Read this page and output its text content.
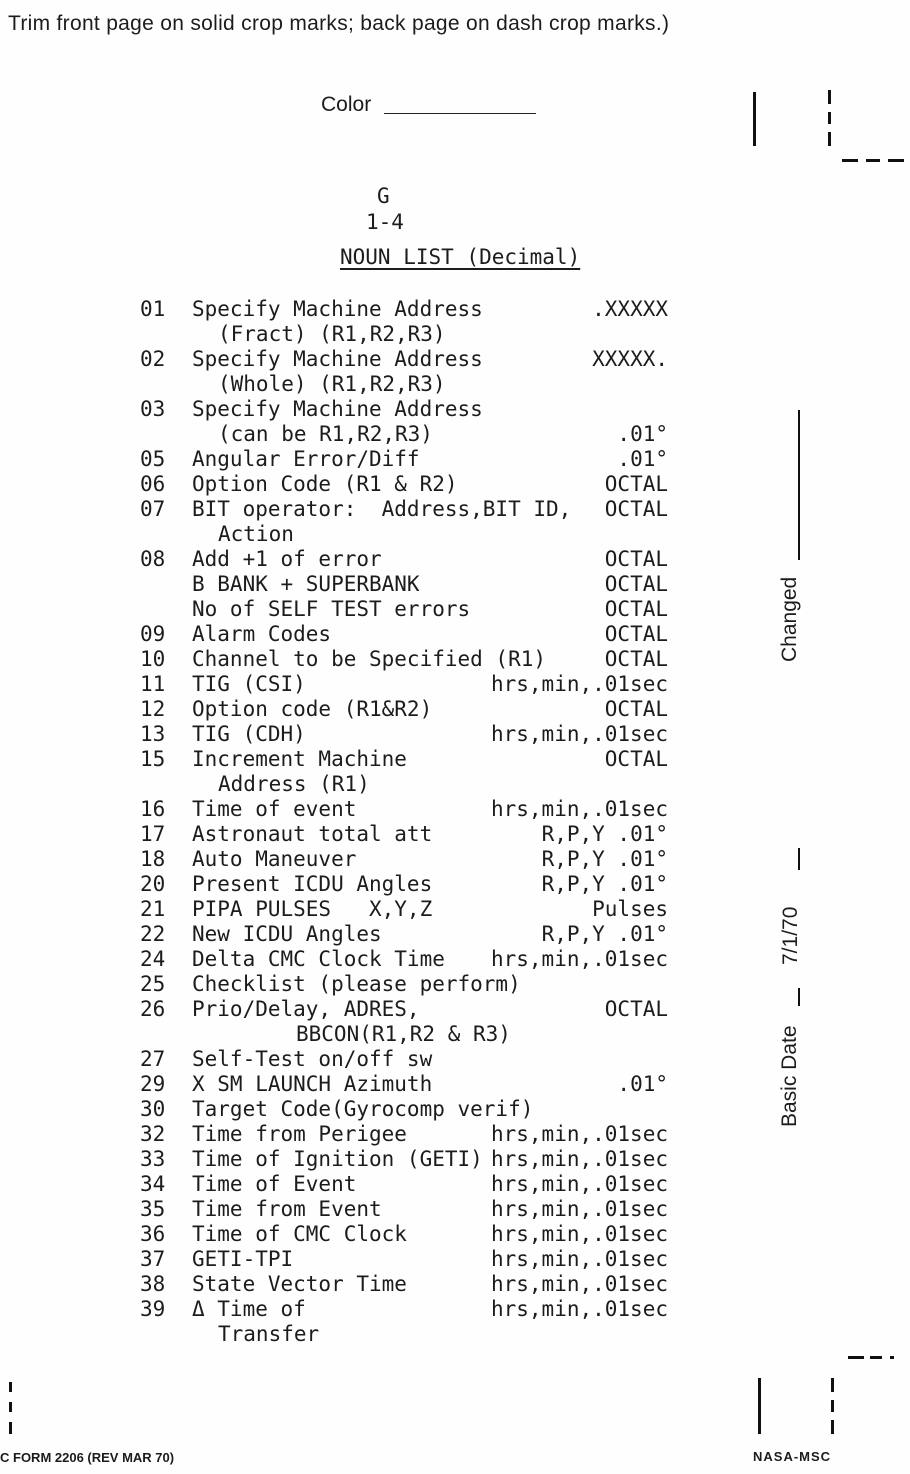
Trim front page on solid crop marks; back page on dash crop marks.)
Color
G
1-4
NOUN LIST (Decimal)
01 Specify Machine Address	.XXXXX
(Fract) (R1,R2,R3)
02 Specify Machine Address	XXXXX.
(Whole) (R1,R2,R3)
03 Specify Machine Address
(can be R1,R2,R3)	.01°
05 Angular Error/Diff	.01°
06 Option Code (R1 & R2)	OCTAL
07 BIT operator:  Address,BIT ID, OCTAL
Action
08 Add +1 of error	OCTAL
B BANK + SUPERBANK	OCTAL
No of SELF TEST errors	OCTAL
09 Alarm Codes	OCTAL
10 Channel to be Specified (R1)	OCTAL
11 TIG (CSI)	hrs,min,.01sec
12 Option code (R1&R2)	OCTAL
13 TIG (CDH)	hrs,min,.01sec
15 Increment Machine	OCTAL
Address (R1)
16 Time of event	hrs,min,.01sec
17 Astronaut total att	R,P,Y .01°
18 Auto Maneuver	R,P,Y .01°
20 Present ICDU Angles	R,P,Y .01°
21 PIPA PULSES   X,Y,Z	Pulses
22 New ICDU Angles	R,P,Y .01°
24 Delta CMC Clock Time hrs,min,.01sec
25 Checklist (please perform)
26 Prio/Delay, ADRES,	OCTAL
BBCON(R1,R2 & R3)
27 Self-Test on/off sw
29 X SM LAUNCH Azimuth	.01°
30 Target Code(Gyrocomp verif)
32 Time from Perigee	hrs,min,.01sec
33 Time of Ignition (GETI) hrs,min,.01sec
34 Time of Event	hrs,min,.01sec
35 Time from Event	hrs,min,.01sec
36 Time of CMC Clock	hrs,min,.01sec
37 GETI-TPI	hrs,min,.01sec
38 State Vector Time	hrs,min,.01sec
39 Δ Time of	hrs,min,.01sec
Transfer
Changed
Basic Date
7/1/70
C FORM 2206 (REV MAR 70)	NASA-MSC
